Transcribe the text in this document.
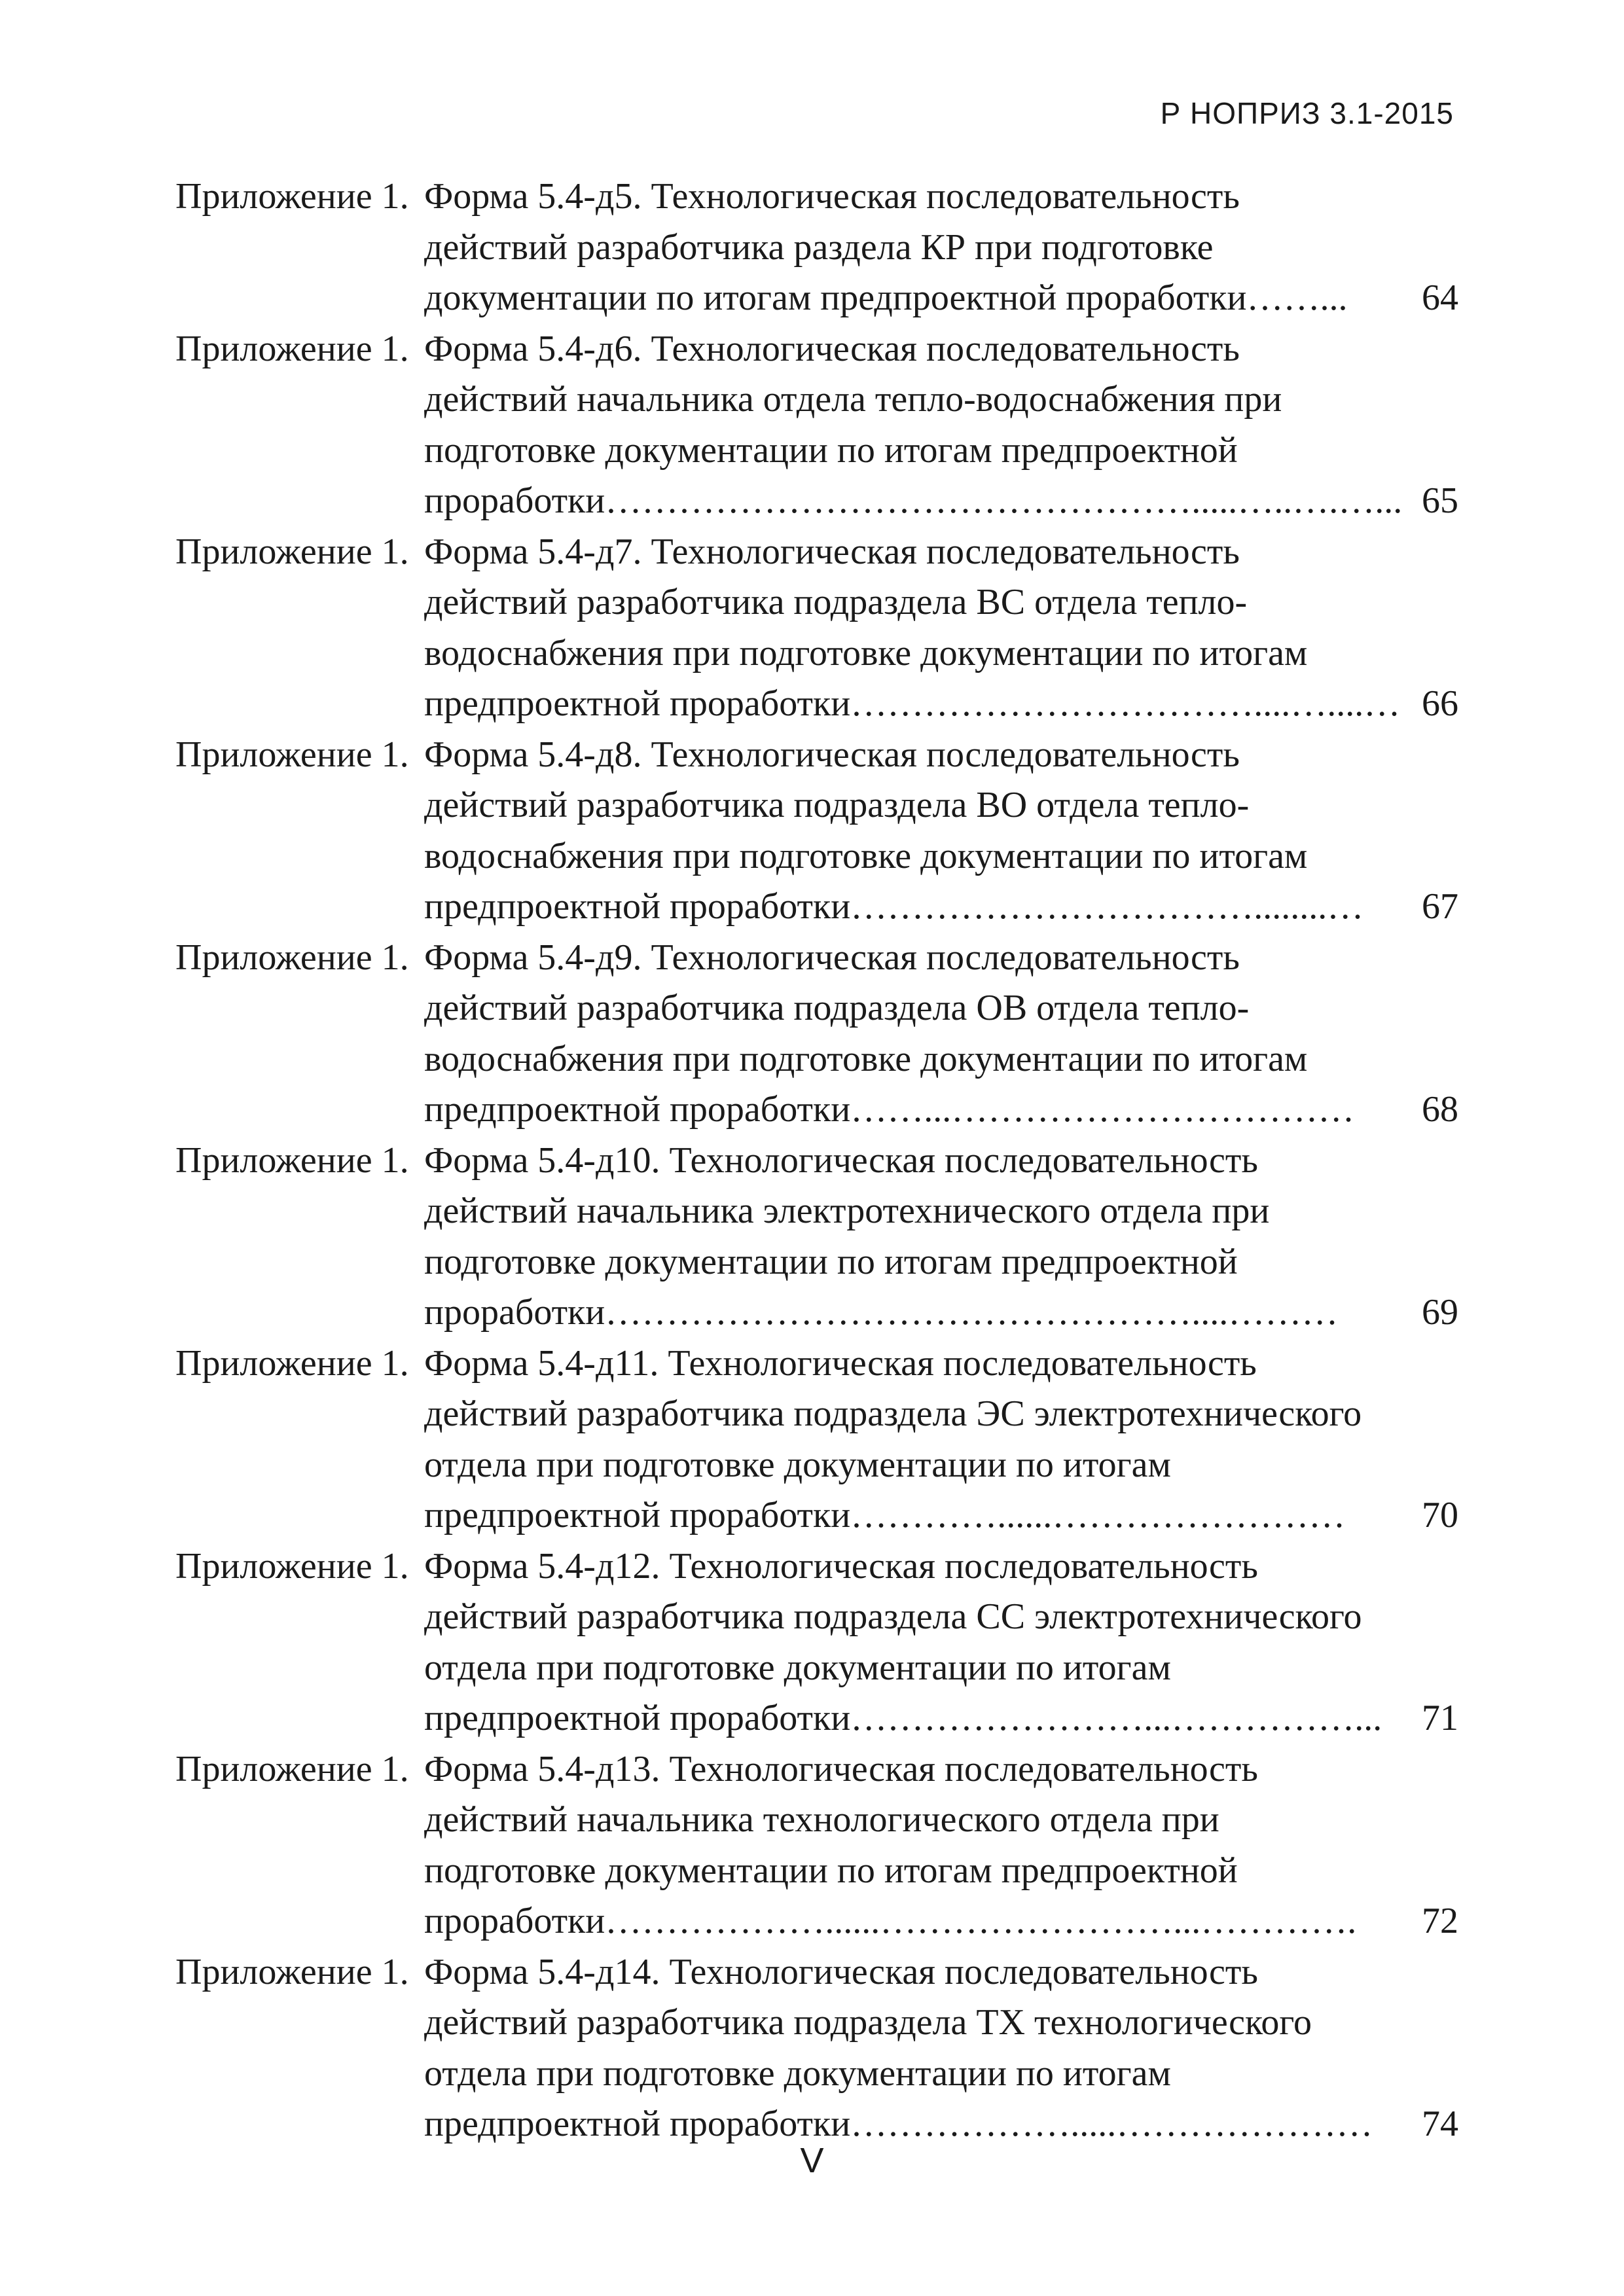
Р НОПРИЗ 3.1-2015
Приложение 1. Форма 5.4-д5. Технологическая последовательность
действий разработчика раздела КР при подготовке
документации по итогам предпроектной проработки……... 64
Приложение 1. Форма 5.4-д6. Технологическая последовательность
действий начальника отдела тепло-водоснабжения при
подготовке документации по итогам предпроектной
проработки………………………………………….....…..….…... 65
Приложение 1. Форма 5.4-д7. Технологическая последовательность
действий разработчика подраздела ВС отдела тепло-
водоснабжения при подготовке документации по итогам
предпроектной проработки……………………………....…....… 66
Приложение 1. Форма 5.4-д8. Технологическая последовательность
действий разработчика подраздела ВО отдела тепло-
водоснабжения при подготовке документации по итогам
предпроектной проработки……………………………........… 67
Приложение 1. Форма 5.4-д9. Технологическая последовательность
действий разработчика подраздела ОВ отдела тепло-
водоснабжения при подготовке документации по итогам
предпроектной проработки……...…………………………… 68
Приложение 1. Форма 5.4-д10. Технологическая последовательность
действий начальника электротехнического отдела при
подготовке документации по итогам предпроектной
проработки…………………………………………....……… 69
Приложение 1. Форма 5.4-д11. Технологическая последовательность
действий разработчика подраздела ЭС электротехнического
отдела при подготовке документации по итогам
предпроектной проработки…………......…………………… 70
Приложение 1. Форма 5.4-д12. Технологическая последовательность
действий разработчика подраздела СС электротехнического
отдела при подготовке документации по итогам
предпроектной проработки……………………...……………... 71
Приложение 1. Форма 5.4-д13. Технологическая последовательность
действий начальника технологического отдела при
подготовке документации по итогам предпроектной
проработки………………......……………………...…………. 72
Приложение 1. Форма 5.4-д14. Технологическая последовательность
действий разработчика подраздела ТХ технологического
отдела при подготовке документации по итогам
предпроектной проработки……………….....………………… 74
V
